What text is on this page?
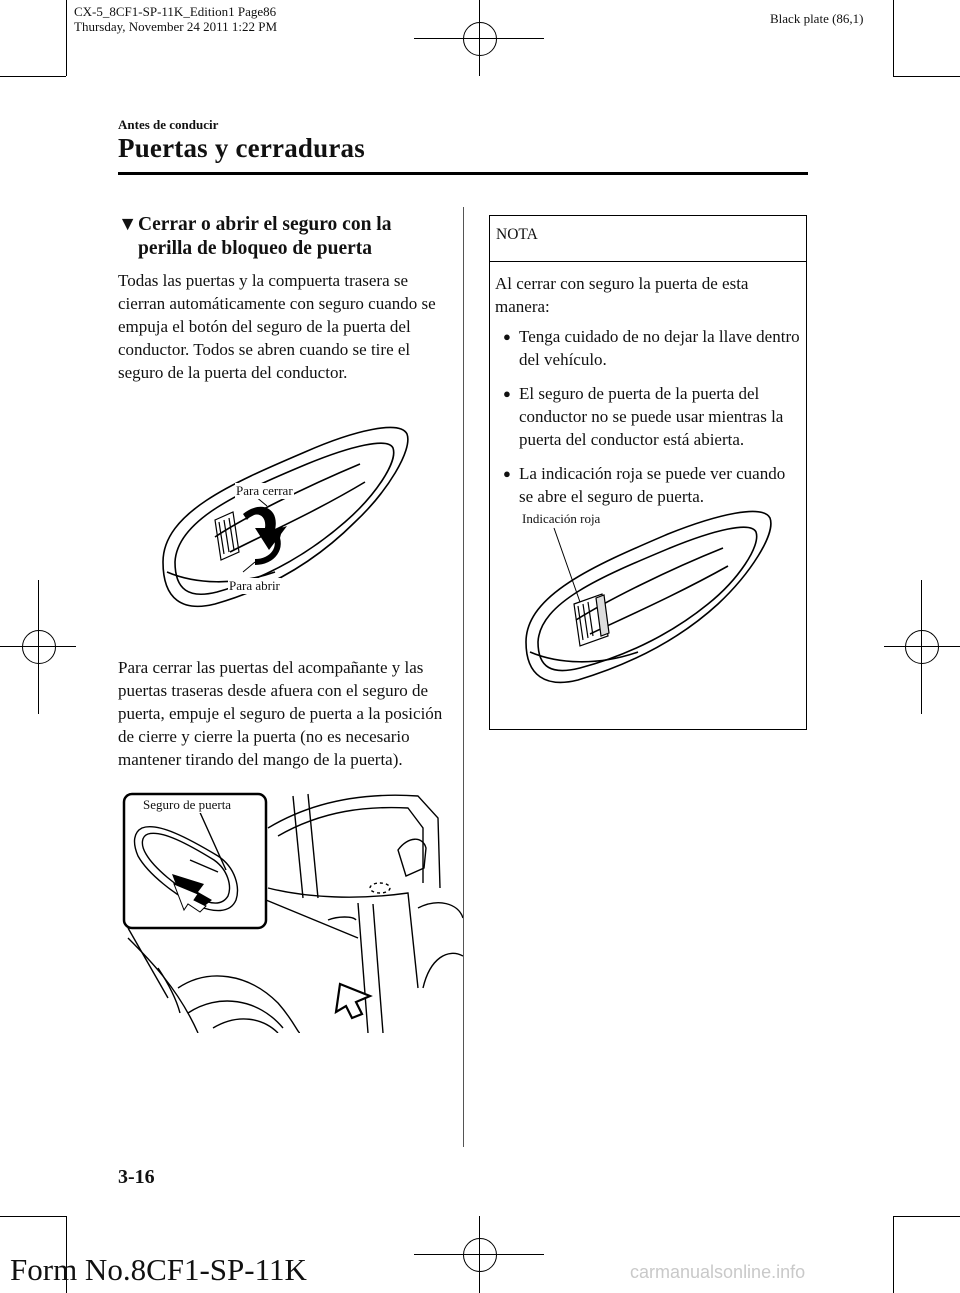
CX-5_8CF1-SP-11K_Edition1 Page86
Thursday, November 24 2011 1:22 PM
Black plate (86,1)
Antes de conducir
Puertas y cerraduras
▼Cerrar o abrir el seguro con la
perilla de bloqueo de puerta
Todas las puertas y la compuerta trasera se cierran automáticamente con seguro cuando se empuja el botón del seguro de la puerta del conductor. Todos se abren cuando se tire el seguro de la puerta del conductor.
Para cerrar
Para abrir
Para cerrar las puertas del acompañante y las puertas traseras desde afuera con el seguro de puerta, empuje el seguro de puerta a la posición de cierre y cierre la puerta (no es necesario mantener tirando del mango de la puerta).
Seguro de puerta
NOTA
Al cerrar con seguro la puerta de esta manera:
● Tenga cuidado de no dejar la llave dentro del vehículo.
● El seguro de puerta de la puerta del conductor no se puede usar mientras la puerta del conductor está abierta.
● La indicación roja se puede ver cuando se abre el seguro de puerta.
Indicación roja
3-16
Form No.8CF1-SP-11K	carmanualsonline.info
